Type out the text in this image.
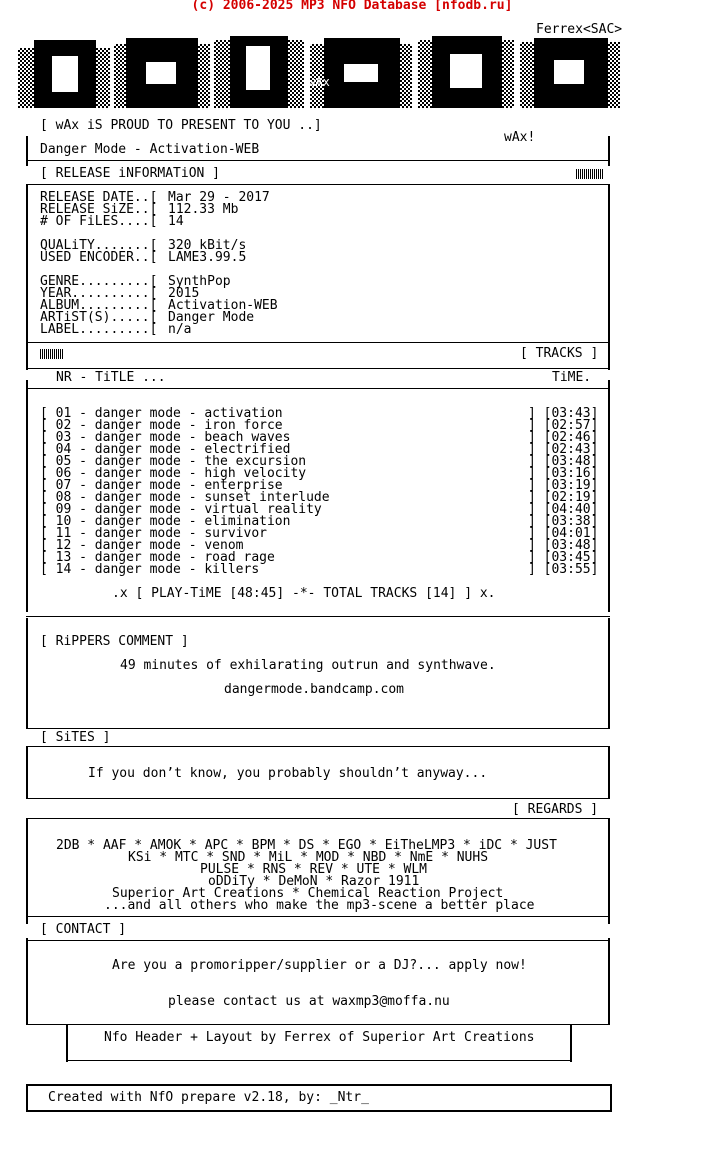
(c) 2006-2025 MP3 NFO Database [nfodb.ru]
Ferrex<SAC>
wAx
wAx!
[ wAx iS PROUD TO PRESENT TO YOU ..]
Danger Mode - Activation-WEB
[ RELEASE iNFORMATiON ]
RELEASE DATE..[ Mar 29 - 2017
RELEASE SiZE..[ 112.33 Mb
# OF FiLES....[ 14
QUALiTY.......[ 320 kBit/s
USED ENCODER..[ LAME3.99.5
GENRE.........[ SynthPop
YEAR..........[ 2015
ALBUM.........[ Activation-WEB
ARTiST(S).....[ Danger Mode
LABEL.........[ n/a
[ TRACKS ]
NR - TiTLE ...	TiME.
[ 01 - danger mode - activation	] [03:43]
[ 02 - danger mode - iron force	] [02:57]
[ 03 - danger mode - beach waves	] [02:46]
[ 04 - danger mode - electrified	] [02:43]
[ 05 - danger mode - the excursion	] [03:48]
[ 06 - danger mode - high velocity	] [03:16]
[ 07 - danger mode - enterprise	] [03:19]
[ 08 - danger mode - sunset interlude	] [02:19]
[ 09 - danger mode - virtual reality	] [04:40]
[ 10 - danger mode - elimination	] [03:38]
[ 11 - danger mode - survivor	] [04:01]
[ 12 - danger mode - venom	] [03:48]
[ 13 - danger mode - road rage	] [03:45]
[ 14 - danger mode - killers	] [03:55]
.x [ PLAY-TiME [48:45] -*- TOTAL TRACKS [14] ] x.
[ RiPPERS COMMENT ]
49 minutes of exhilarating outrun and synthwave.
dangermode.bandcamp.com
[ SiTES ]
If you don’t know, you probably shouldn’t anyway...
[ REGARDS ]
2DB * AAF * AMOK * APC * BPM * DS * EGO * EiTheLMP3 * iDC * JUST
KSi * MTC * SND * MiL * MOD * NBD * NmE * NUHS
PULSE * RNS * REV * UTE * WLM
oDDiTy * DeMoN * Razor 1911
Superior Art Creations * Chemical Reaction Project
...and all others who make the mp3-scene a better place
[ CONTACT ]
Are you a promoripper/supplier or a DJ?... apply now!
please contact us at waxmp3@moffa.nu
Nfo Header + Layout by Ferrex of Superior Art Creations
Created with NfO prepare v2.18, by: _Ntr_
